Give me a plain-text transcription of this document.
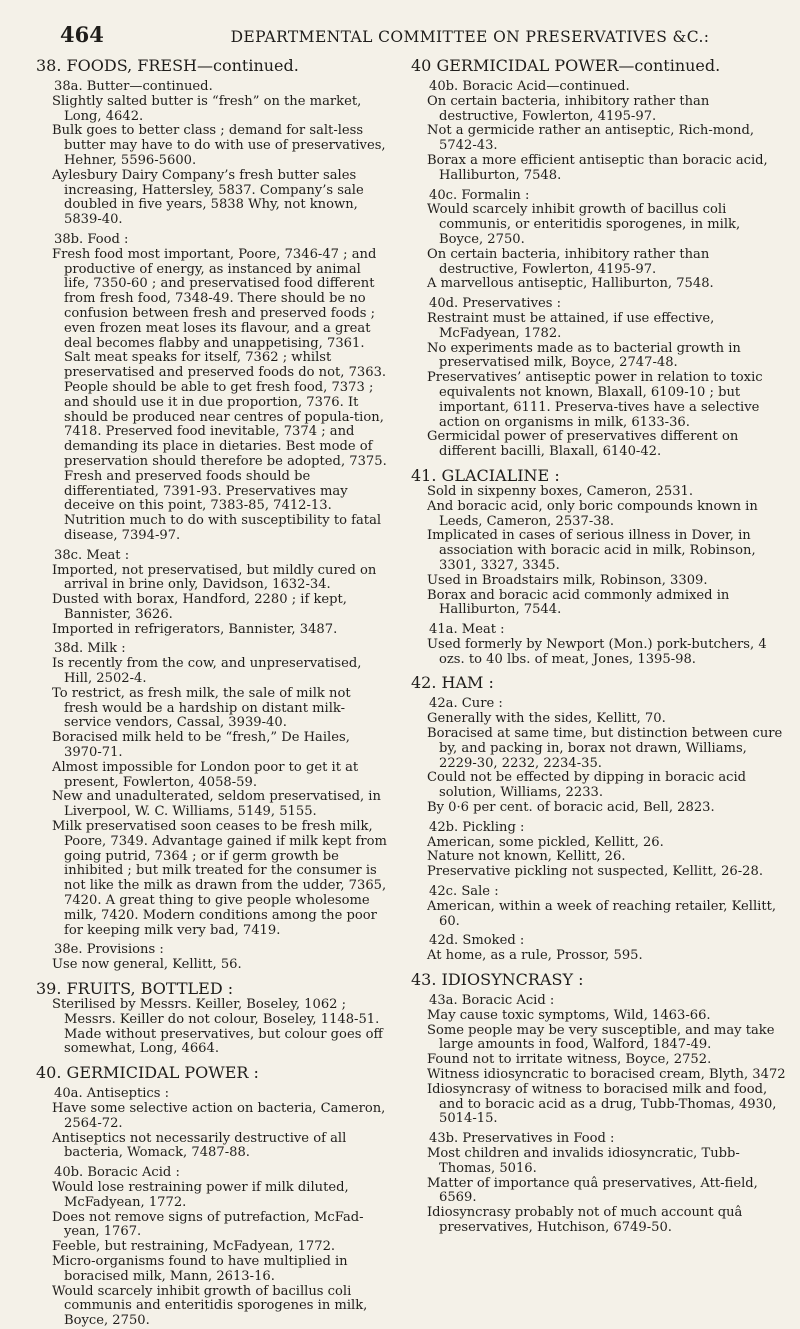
464	DEPARTMENTAL COMMITTEE ON PRESERVATIVES &C.:
38. FOODS, FRESH—continued.
38a. Butter—continued.
Slightly salted butter is “fresh” on the market, Long, 4642.
Bulk goes to better class ; demand for salt-less butter may have to do with use of preservatives, Hehner, 5596-5600.
Aylesbury Dairy Company’s fresh butter sales increasing, Hattersley, 5837. Company’s sale doubled in five years, 5838 Why, not known, 5839-40.
38b. Food :
Fresh food most important, Poore, 7346-47 ; and productive of energy, as instanced by animal life, 7350-60 ; and preservatised food different from fresh food, 7348-49. There should be no confusion between fresh and preserved foods ; even frozen meat loses its flavour, and a great deal becomes flabby and unappetising, 7361. Salt meat speaks for itself, 7362 ; whilst preservatised and preserved foods do not, 7363. People should be able to get fresh food, 7373 ; and should use it in due proportion, 7376. It should be produced near centres of popula-tion, 7418. Preserved food inevitable, 7374 ; and demanding its place in dietaries. Best mode of preservation should therefore be adopted, 7375. Fresh and preserved foods should be differentiated, 7391-93. Preservatives may deceive on this point, 7383-85, 7412-13. Nutrition much to do with susceptibility to fatal disease, 7394-97.
38c. Meat :
Imported, not preservatised, but mildly cured on arrival in brine only, Davidson, 1632-34.
Dusted with borax, Handford, 2280 ; if kept, Bannister, 3626.
Imported in refrigerators, Bannister, 3487.
38d. Milk :
Is recently from the cow, and unpreservatised, Hill, 2502-4.
To restrict, as fresh milk, the sale of milk not fresh would be a hardship on distant milk-service vendors, Cassal, 3939-40.
Boracised milk held to be “fresh,” De Hailes, 3970-71.
Almost impossible for London poor to get it at present, Fowlerton, 4058-59.
New and unadulterated, seldom preservatised, in Liverpool, W. C. Williams, 5149, 5155.
Milk preservatised soon ceases to be fresh milk, Poore, 7349. Advantage gained if milk kept from going putrid, 7364 ; or if germ growth be inhibited ; but milk treated for the consumer is not like the milk as drawn from the udder, 7365, 7420. A great thing to give people wholesome milk, 7420. Modern conditions among the poor for keeping milk very bad, 7419.
38e. Provisions :
Use now general, Kellitt, 56.
39. FRUITS, BOTTLED :
Sterilised by Messrs. Keiller, Boseley, 1062 ; Messrs. Keiller do not colour, Boseley, 1148-51. Made without preservatives, but colour goes off somewhat, Long, 4664.
40. GERMICIDAL POWER :
40a. Antiseptics :
Have some selective action on bacteria, Cameron, 2564-72.
Antiseptics not necessarily destructive of all bacteria, Womack, 7487-88.
40b. Boracic Acid :
Would lose restraining power if milk diluted, McFadyean, 1772.
Does not remove signs of putrefaction, McFad-yean, 1767.
Feeble, but restraining, McFadyean, 1772.
Micro-organisms found to have multiplied in boracised milk, Mann, 2613-16.
Would scarcely inhibit growth of bacillus coli communis and enteritidis sporogenes in milk, Boyce, 2750.
40 GERMICIDAL POWER—continued.
40b. Boracic Acid—continued.
On certain bacteria, inhibitory rather than destructive, Fowlerton, 4195-97.
Not a germicide rather an antiseptic, Rich-mond, 5742-43.
Borax a more efficient antiseptic than boracic acid, Halliburton, 7548.
40c. Formalin :
Would scarcely inhibit growth of bacillus coli communis, or enteritidis sporogenes, in milk, Boyce, 2750.
On certain bacteria, inhibitory rather than destructive, Fowlerton, 4195-97.
A marvellous antiseptic, Halliburton, 7548.
40d. Preservatives :
Restraint must be attained, if use effective, McFadyean, 1782.
No experiments made as to bacterial growth in preservatised milk, Boyce, 2747-48.
Preservatives’ antiseptic power in relation to toxic equivalents not known, Blaxall, 6109-10 ; but important, 6111. Preserva-tives have a selective action on organisms in milk, 6133-36.
Germicidal power of preservatives different on different bacilli, Blaxall, 6140-42.
41. GLACIALINE :
Sold in sixpenny boxes, Cameron, 2531.
And boracic acid, only boric compounds known in Leeds, Cameron, 2537-38.
Implicated in cases of serious illness in Dover, in association with boracic acid in milk, Robinson, 3301, 3327, 3345.
Used in Broadstairs milk, Robinson, 3309.
Borax and boracic acid commonly admixed in Halliburton, 7544.
41a. Meat :
Used formerly by Newport (Mon.) pork-butchers, 4 ozs. to 40 lbs. of meat, Jones, 1395-98.
42. HAM :
42a. Cure :
Generally with the sides, Kellitt, 70.
Boracised at same time, but distinction between cure by, and packing in, borax not drawn, Williams, 2229-30, 2232, 2234-35.
Could not be effected by dipping in boracic acid solution, Williams, 2233.
By 0·6 per cent. of boracic acid, Bell, 2823.
42b. Pickling :
American, some pickled, Kellitt, 26.
Nature not known, Kellitt, 26.
Preservative pickling not suspected, Kellitt, 26-28.
42c. Sale :
American, within a week of reaching retailer, Kellitt, 60.
42d. Smoked :
At home, as a rule, Prossor, 595.
43. IDIOSYNCRASY :
43a. Boracic Acid :
May cause toxic symptoms, Wild, 1463-66.
Some people may be very susceptible, and may take large amounts in food, Walford, 1847-49.
Found not to irritate witness, Boyce, 2752.
Witness idiosyncratic to boracised cream, Blyth, 3472
Idiosyncrasy of witness to boracised milk and food, and to boracic acid as a drug, Tubb-Thomas, 4930, 5014-15.
43b. Preservatives in Food :
Most children and invalids idiosyncratic, Tubb-Thomas, 5016.
Matter of importance quâ preservatives, Att-field, 6569.
Idiosyncrasy probably not of much account quâ preservatives, Hutchison, 6749-50.
